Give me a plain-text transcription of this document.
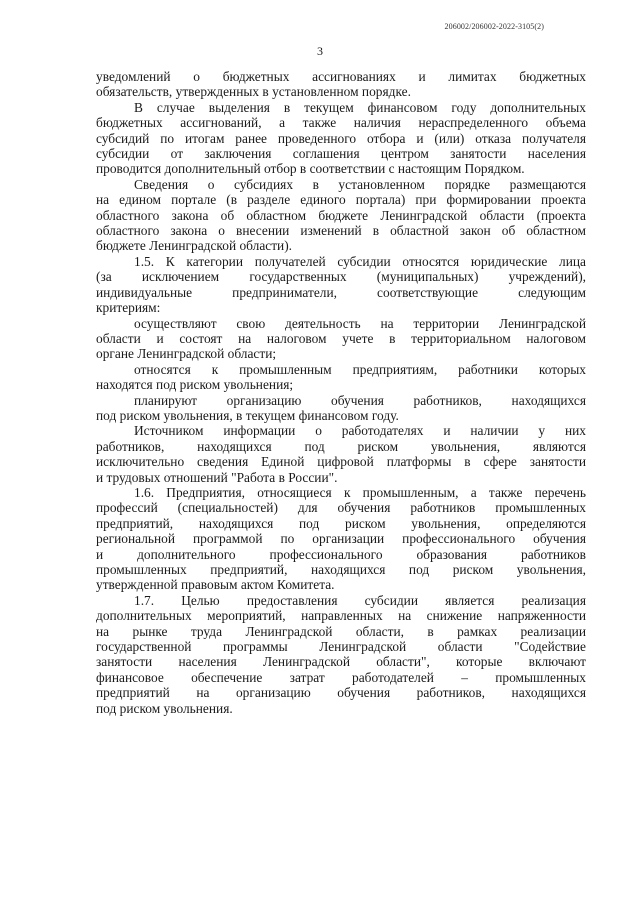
206002/206002-2022-3105(2)
3
уведомлений о бюджетных ассигнованиях и лимитах бюджетных
обязательств, утвержденных в установленном порядке.
В случае выделения в текущем финансовом году дополнительных
бюджетных ассигнований, а также наличия нераспределенного объема
субсидий по итогам ранее проведенного отбора и (или) отказа получателя
субсидии от заключения соглашения центром занятости населения
проводится дополнительный отбор в соответствии с настоящим Порядком.
Сведения о субсидиях в установленном порядке размещаются
на едином портале (в разделе единого портала) при формировании проекта
областного закона об областном бюджете Ленинградской области (проекта
областного закона о внесении изменений в областной закон об областном
бюджете Ленинградской области).
1.5. К категории получателей субсидии относятся юридические лица
(за исключением государственных (муниципальных) учреждений),
индивидуальные предприниматели, соответствующие следующим
критериям:
осуществляют свою деятельность на территории Ленинградской
области и состоят на налоговом учете в территориальном налоговом
органе Ленинградской области;
относятся к промышленным предприятиям, работники которых
находятся под риском увольнения;
планируют организацию обучения работников, находящихся
под риском увольнения, в текущем финансовом году.
Источником информации о работодателях и наличии у них
работников, находящихся под риском увольнения, являются
исключительно сведения Единой цифровой платформы в сфере занятости
и трудовых отношений "Работа в России".
1.6. Предприятия, относящиеся к промышленным, а также перечень
профессий (специальностей) для обучения работников промышленных
предприятий, находящихся под риском увольнения, определяются
региональной программой по организации профессионального обучения
и дополнительного профессионального образования работников
промышленных предприятий, находящихся под риском увольнения,
утвержденной правовым актом Комитета.
1.7. Целью предоставления субсидии является реализация
дополнительных мероприятий, направленных на снижение напряженности
на рынке труда Ленинградской области, в рамках реализации
государственной программы Ленинградской области "Содействие
занятости населения Ленинградской области", которые включают
финансовое обеспечение затрат работодателей – промышленных
предприятий на организацию обучения работников, находящихся
под риском увольнения.
